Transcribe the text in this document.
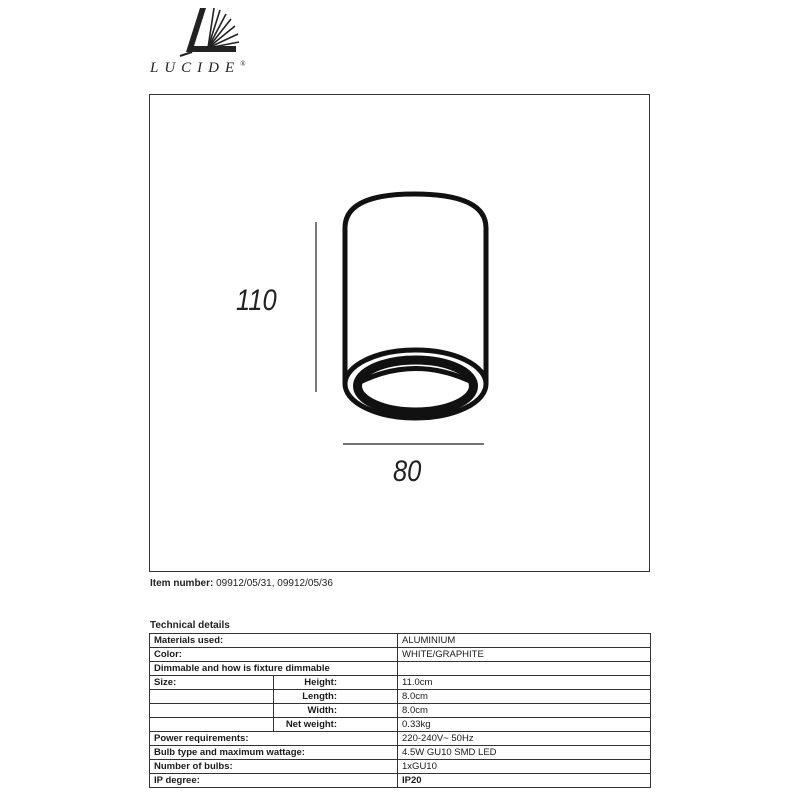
LUCIDE®
110
80
Item number: 09912/05/31, 09912/05/36
Technical details
Materials used:		ALUMINIUM
Color:		WHITE/GRAPHITE
Dimmable and how is fixture dimmable		
Size:	Height:	11.0cm
	Length:	8.0cm
	Width:	8.0cm
	Net weight:	0.33kg
Power requirements:		220-240V~ 50Hz
Bulb type and maximum wattage:		4.5W GU10 SMD LED
Number of bulbs:		1xGU10
IP degree:		IP20
